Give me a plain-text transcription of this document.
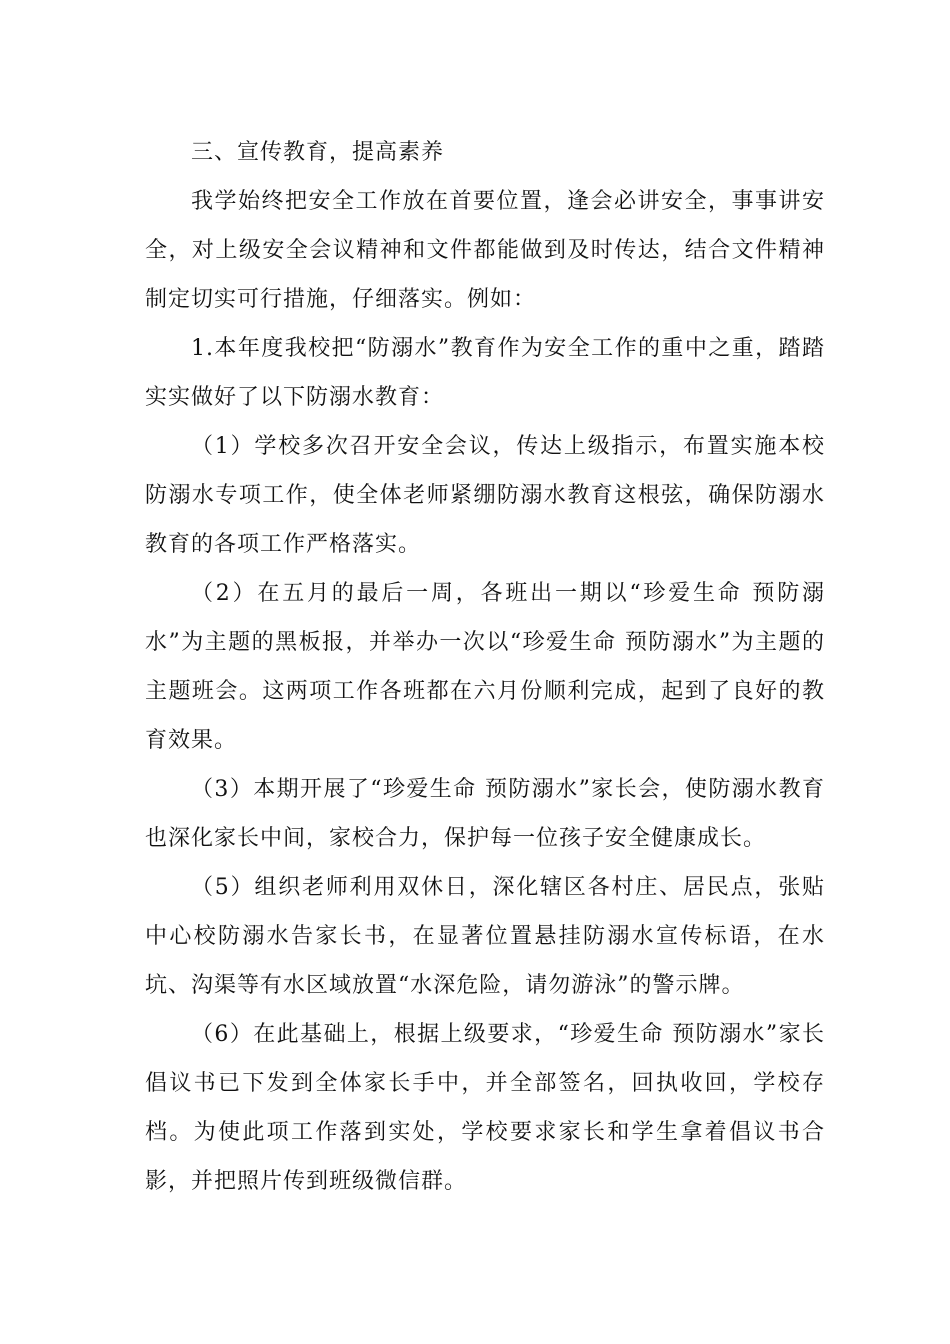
三、宣传教育，提高素养

我学始终把安全工作放在首要位置，逢会必讲安全，事事讲安全，对上级安全会议精神和文件都能做到及时传达，结合文件精神制定切实可行措施，仔细落实。例如：

1.本年度我校把“防溺水”教育作为安全工作的重中之重，踏踏实实做好了以下防溺水教育：

（1）学校多次召开安全会议，传达上级指示，布置实施本校防溺水专项工作，使全体老师紧绷防溺水教育这根弦，确保防溺水教育的各项工作严格落实。

（2）在五月的最后一周，各班出一期以“珍爱生命 预防溺水”为主题的黑板报，并举办一次以“珍爱生命 预防溺水”为主题的主题班会。这两项工作各班都在六月份顺利完成，起到了良好的教育效果。

（3）本期开展了“珍爱生命 预防溺水”家长会，使防溺水教育也深化家长中间，家校合力，保护每一位孩子安全健康成长。

（5）组织老师利用双休日，深化辖区各村庄、居民点，张贴中心校防溺水告家长书，在显著位置悬挂防溺水宣传标语，在水坑、沟渠等有水区域放置“水深危险，请勿游泳”的警示牌。

（6）在此基础上，根据上级要求，“珍爱生命 预防溺水”家长倡议书已下发到全体家长手中，并全部签名，回执收回，学校存档。为使此项工作落到实处，学校要求家长和学生拿着倡议书合影，并把照片传到班级微信群。
